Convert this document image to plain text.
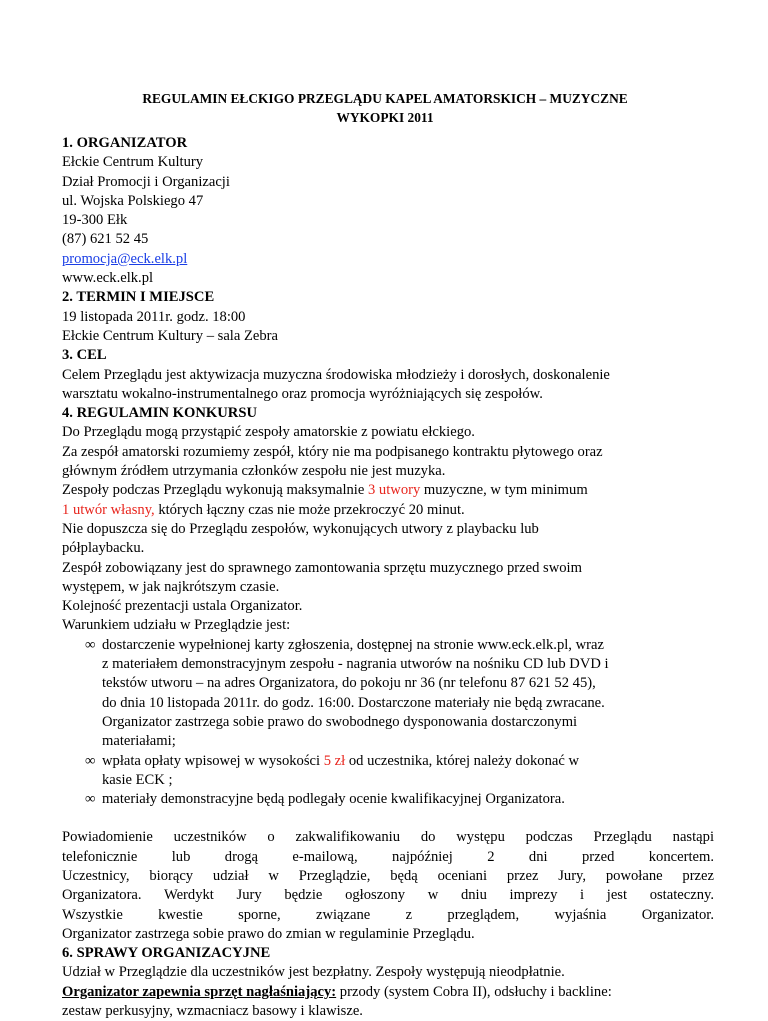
REGULAMIN EŁCKIGO PRZEGLĄDU KAPEL AMATORSKICH – MUZYCZNE
WYKOPKI 2011
1. ORGANIZATOR
Ełckie Centrum Kultury
Dział Promocji i Organizacji
ul. Wojska Polskiego 47
19-300 Ełk
(87) 621 52 45
promocja@eck.elk.pl
www.eck.elk.pl
2. TERMIN I MIEJSCE
19 listopada 2011r. godz. 18:00
Ełckie Centrum Kultury – sala Zebra
3. CEL
Celem Przeglądu jest aktywizacja muzyczna środowiska młodzieży i dorosłych, doskonalenie
warsztatu wokalno-instrumentalnego oraz promocja wyróżniających się zespołów.
4. REGULAMIN KONKURSU
Do Przeglądu mogą przystąpić zespoły amatorskie z powiatu ełckiego.
Za zespół amatorski rozumiemy zespół, który nie ma podpisanego kontraktu płytowego oraz
głównym źródłem utrzymania członków zespołu nie jest muzyka.
Zespoły podczas Przeglądu wykonują maksymalnie 3 utwory muzyczne, w tym minimum
1 utwór własny, których łączny czas nie może przekroczyć 20 minut.
Nie dopuszcza się do Przeglądu zespołów, wykonujących utwory z playbacku lub
półplaybacku.
Zespół zobowiązany jest do sprawnego zamontowania sprzętu muzycznego przed swoim
występem, w jak najkrótszym czasie.
Kolejność prezentacji ustala Organizator.
Warunkiem udziału w Przeglądzie jest:
∞ dostarczenie wypełnionej karty zgłoszenia, dostępnej na stronie www.eck.elk.pl, wraz
z materiałem demonstracyjnym zespołu - nagrania utworów na nośniku CD lub DVD i
tekstów utworu – na adres Organizatora, do pokoju nr 36 (nr telefonu 87 621 52 45),
do dnia 10 listopada 2011r. do godz. 16:00. Dostarczone materiały nie będą zwracane.
Organizator zastrzega sobie prawo do swobodnego dysponowania dostarczonymi
materiałami;
∞ wpłata opłaty wpisowej w wysokości 5 zł od uczestnika, której należy dokonać w
kasie ECK ;
∞ materiały demonstracyjne będą podlegały ocenie kwalifikacyjnej Organizatora.
Powiadomienie uczestników o zakwalifikowaniu do występu podczas Przeglądu nastąpi
telefonicznie lub drogą e-mailową, najpóźniej 2 dni przed koncertem.
Uczestnicy, biorący udział w Przeglądzie, będą oceniani przez Jury, powołane przez
Organizatora. Werdykt Jury będzie ogłoszony w dniu imprezy i jest ostateczny.
Wszystkie kwestie sporne, związane z przeglądem, wyjaśnia Organizator.
Organizator zastrzega sobie prawo do zmian w regulaminie Przeglądu.
6. SPRAWY ORGANIZACYJNE
Udział w Przeglądzie dla uczestników jest bezpłatny. Zespoły występują nieodpłatnie.
Organizator zapewnia sprzęt nagłaśniający: przody (system Cobra II), odsłuchy i backline:
zestaw perkusyjny, wzmacniacz basowy i klawisze.
